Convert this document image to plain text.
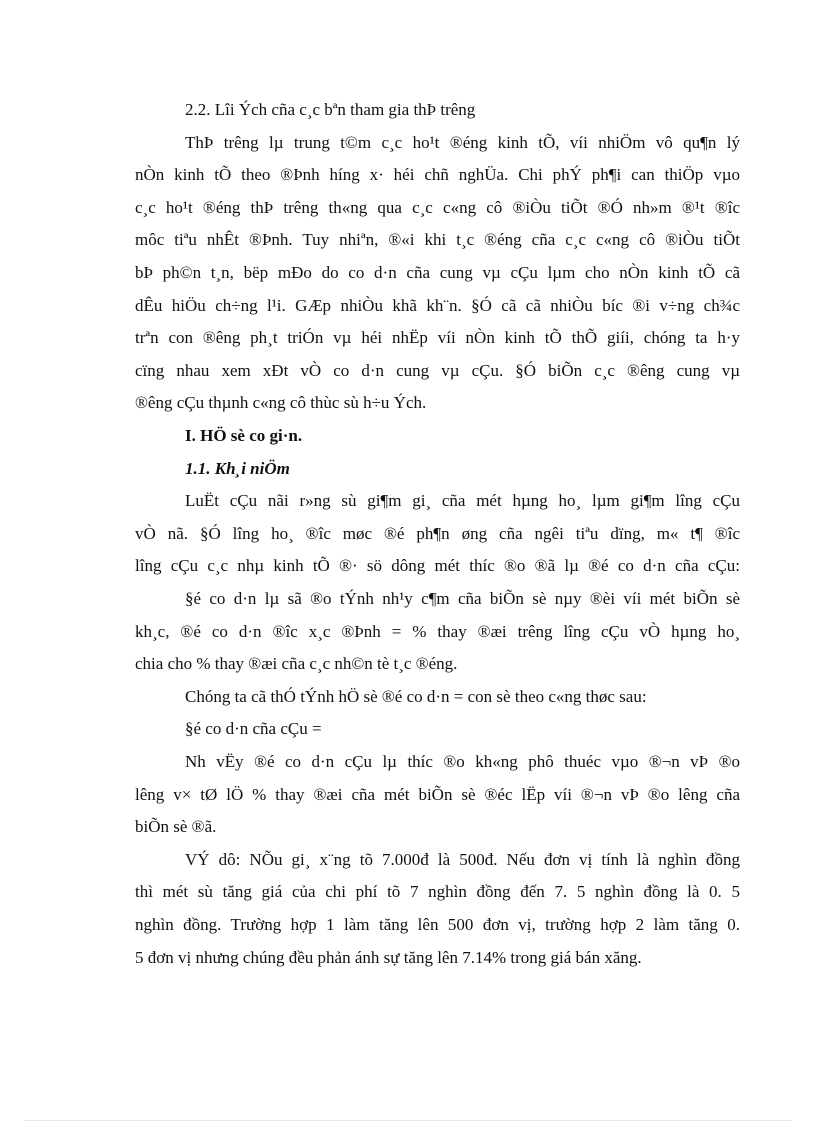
2.2. Lîi Ých cña c¸c bªn tham gia thÞ trêng
ThÞ trêng lµ trung t©m c¸c ho¹t ®éng kinh tÕ, víi nhiÖm vô qu¶n lý
nÒn kinh tÕ theo ®Þnh híng x· héi chñ nghÜa. Chi phÝ ph¶i can thiÖp vµo
c¸c ho¹t ®éng thÞ trêng th«ng qua c¸c c«ng cô ®iÒu tiÕt ®Ó nh»m ®¹t ®îc
môc tiªu nhÊt ®Þnh. Tuy nhiªn, ®«i khi t¸c ®éng cña c¸c c«ng cô ®iÒu tiÕt
bÞ ph©n t¸n, bëp mÐo do co d·n cña cung vµ cÇu lµm cho nÒn kinh tÕ cã
dÊu hiÖu ch÷ng l¹i. GÆp nhiÒu khã kh¨n. §Ó cã cã nhiÒu bíc ®i v÷ng ch¾c
trªn con ®êng ph¸t triÓn vµ héi nhËp víi nÒn kinh tÕ thÕ giíi, chóng ta h·y
cïng nhau xem xÐt vÒ co d·n cung vµ cÇu. §Ó biÕn c¸c ®êng cung vµ
®êng cÇu thµnh c«ng cô thùc sù h÷u Ých.
I. HÖ sè co gi·n.
1.1. Kh¸i niÖm
LuËt cÇu nãi r»ng sù gi¶m gi¸ cña mét hµng ho¸ lµm gi¶m lîng cÇu
vÒ nã. §Ó lîng ho¸ ®îc møc ®é ph¶n øng cña ngêi tiªu dïng, m« t¶ ®îc
lîng cÇu c¸c nhµ kinh tÕ ®· sö dông mét thíc ®o ®ã lµ ®é co d·n cña cÇu:
§é co d·n lµ sã ®o tÝnh nh¹y c¶m cña biÕn sè nµy ®èi víi mét biÕn sè
kh¸c, ®é co d·n ®îc x¸c ®Þnh = % thay ®æi trêng lîng cÇu vÒ hµng ho¸
chia cho % thay ®æi cña c¸c nh©n tè t¸c ®éng.
Chóng ta cã thÓ tÝnh hÖ sè ®é co d·n = con sè theo c«ng thøc sau:
§é co d·n cña cÇu =
Nh vËy ®é co d·n cÇu lµ thíc ®o kh«ng phô thuéc vµo ®¬n vÞ ®o
lêng v× tØ lÖ % thay ®æi cña mét biÕn sè ®éc lËp víi ®¬n vÞ ®o lêng cña
biÕn sè ®ã.
VÝ dô: NÕu gi¸ x¨ng tõ 7.000đ là 500đ. Nếu đơn vị tính là nghìn đồng
thì mét sù tăng giá của chi phí tõ 7 nghìn đồng đến 7. 5 nghìn đồng là 0. 5
nghìn đồng. Trường hợp 1 làm tăng lên 500 đơn vị, trường hợp 2 làm tăng 0.
5 đơn vị nhưng chúng đều phản ánh sự tăng lên 7.14% trong giá bán xăng.
